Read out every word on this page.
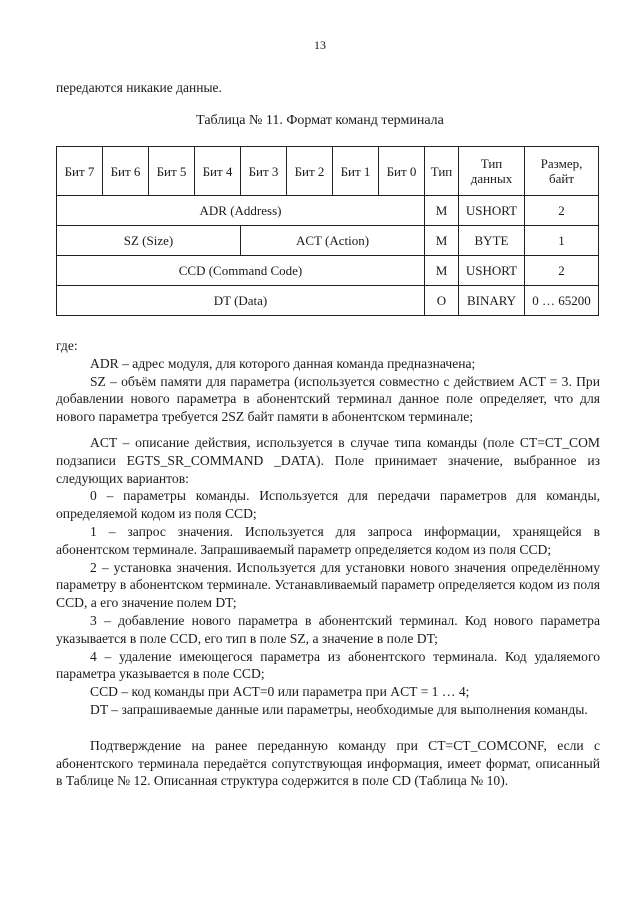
13
передаются никакие данные.
Таблица № 11. Формат команд терминала
Бит 7	Бит 6	Бит 5	Бит 4	Бит 3	Бит 2	Бит 1	Бит 0	Тип	Тип данных	Размер, байт
ADR (Address)								M	USHORT	2
SZ (Size)				ACT (Action)				M	BYTE	1
CCD (Command Code)								M	USHORT	2
DT (Data)								O	BINARY	0 … 65200

где:

ADR – адрес модуля, для которого данная команда предназначена;

SZ – объём памяти для параметра (используется совместно с действием ACT = 3. При добавлении нового параметра в абонентский терминал данное поле определяет, что для нового параметра требуется 2SZ байт памяти в абонентском терминале;

ACT – описание действия, используется в случае типа команды (поле CT=CT_COM подзаписи EGTS_SR_COMMAND _DATA). Поле принимает значение, выбранное из следующих вариантов:

0 – параметры команды. Используется для передачи параметров для команды, определяемой кодом из поля CCD;

1 – запрос значения. Используется для запроса информации, хранящейся в абонентском терминале. Запрашиваемый параметр определяется кодом из поля CCD;

2 – установка значения. Используется для установки нового значения определённому параметру в абонентском терминале. Устанавливаемый параметр определяется кодом из поля CCD, а его значение полем DT;

3 – добавление нового параметра в абонентский терминал. Код нового параметра указывается в поле CCD, его тип в поле SZ, а значение в поле DT;

4 – удаление имеющегося параметра из абонентского терминала. Код удаляемого параметра указывается в поле CCD;

CCD – код команды при ACT=0 или параметра при ACT = 1 … 4;

DT – запрашиваемые данные или параметры, необходимые для выполнения команды.

Подтверждение на ранее переданную команду при CT=CT_COMCONF, если с абонентского терминала передаётся сопутствующая информация, имеет формат, описанный в Таблице № 12. Описанная структура содержится в поле CD (Таблица № 10).
